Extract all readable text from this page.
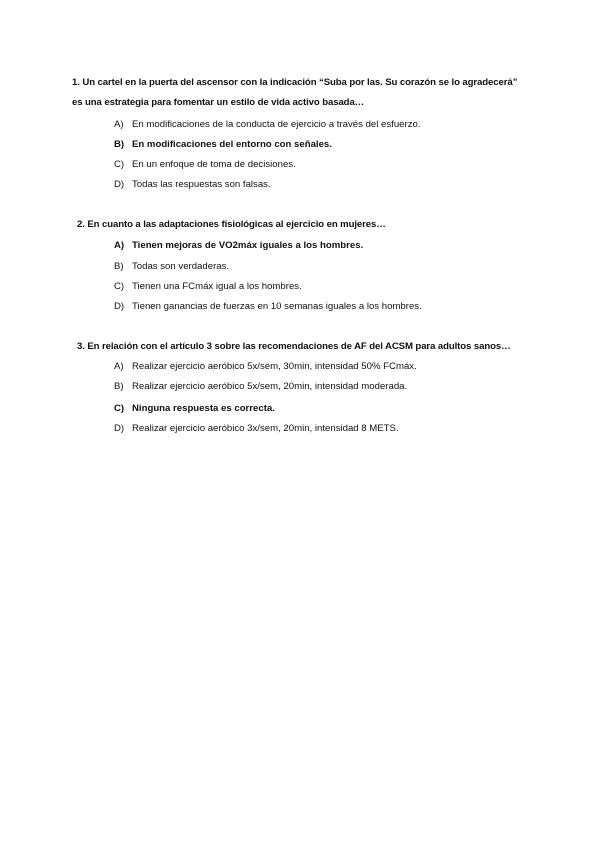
1. Un cartel en la puerta del ascensor con la indicación “Suba por las. Su corazón se lo agradecerá”
es una estrategia para fomentar un estilo de vida activo basada…
A) En modificaciones de la conducta de ejercicio a través del esfuerzo.
B) En modificaciones del entorno con señales.
C) En un enfoque de toma de decisiones.
D) Todas las respuestas son falsas.
2. En cuanto a las adaptaciones fisiológicas al ejercicio en mujeres…
A) Tienen mejoras de VO2máx iguales a los hombres.
B) Todas son verdaderas.
C) Tienen una FCmáx igual a los hombres.
D) Tienen ganancias de fuerzas en 10 semanas iguales a los hombres.
3. En relación con el artículo 3 sobre las recomendaciones de AF del ACSM para adultos sanos…
A) Realizar ejercicio aeróbico 5x/sem, 30min, intensidad 50% FCmáx.
B) Realizar ejercicio aeróbico 5x/sem, 20min, intensidad moderada.
C) Ninguna respuesta es correcta.
D) Realizar ejercicio aeróbico 3x/sem, 20min, intensidad 8 METS.
